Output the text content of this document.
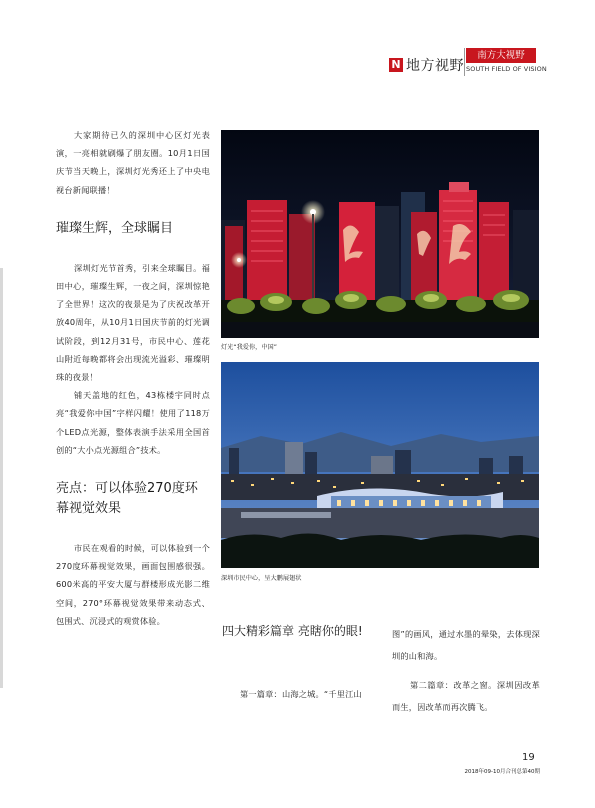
N 地方视野
南方大视野
SOUTH FIELD OF VISION

大家期待已久的深圳中心区灯光表演，一亮相就刷爆了朋友圈。10月1日国庆节当天晚上，深圳灯光秀还上了中央电视台新闻联播！

璀璨生辉，全球瞩目

深圳灯光节首秀，引来全球瞩目。福田中心，璀璨生辉，一夜之间，深圳惊艳了全世界！这次的夜景是为了庆祝改革开放40周年，从10月1日国庆节前的灯光调试阶段，到12月31号，市民中心、莲花山附近每晚都将会出现流光溢彩、璀璨明珠的夜景！

铺天盖地的红色，43栋楼宇同时点亮“我爱你中国”字样闪耀！使用了118万个LED点光源，整体表演手法采用全国首创的“大小点光源组合”技术。

亮点：可以体验270度环幕视觉效果

市民在观看的时候，可以体验到一个270度环幕视觉效果，画面包围感很强。600米高的平安大厦与群楼形成光影二维空间，270°环幕视觉效果带来动态式、包围式、沉浸式的观赏体验。

灯光“我爱你，中国”
深圳市民中心，呈大鹏展翅状
四大精彩篇章 亮瞎你的眼!

第一篇章：山海之城。“千里江山

图”的画风，通过水墨的晕染，去体现深圳的山和海。

第二篇章：改革之窗。深圳因改革而生，因改革而再次腾飞。

19
2018年09-10月合刊总第40期
